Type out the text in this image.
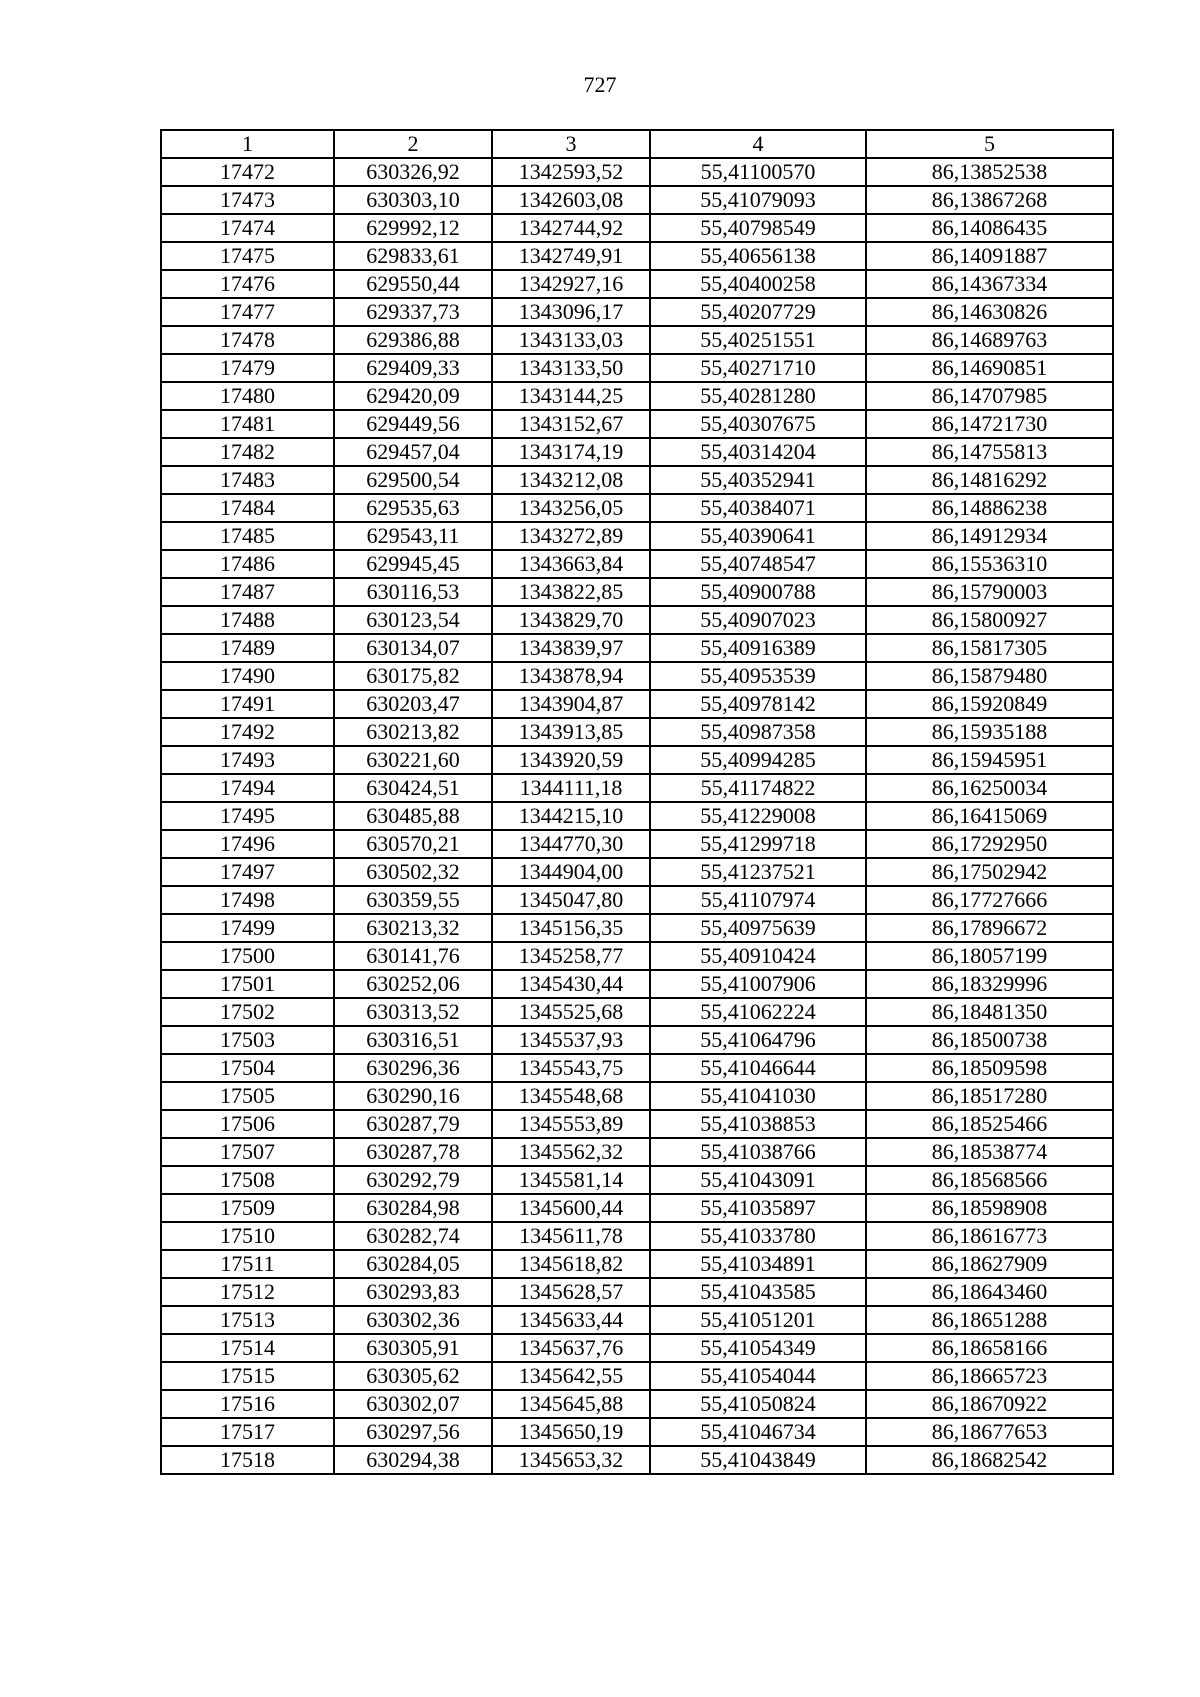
727
1	2	3	4	5
17472	630326,92	1342593,52	55,41100570	86,13852538
17473	630303,10	1342603,08	55,41079093	86,13867268
17474	629992,12	1342744,92	55,40798549	86,14086435
17475	629833,61	1342749,91	55,40656138	86,14091887
17476	629550,44	1342927,16	55,40400258	86,14367334
17477	629337,73	1343096,17	55,40207729	86,14630826
17478	629386,88	1343133,03	55,40251551	86,14689763
17479	629409,33	1343133,50	55,40271710	86,14690851
17480	629420,09	1343144,25	55,40281280	86,14707985
17481	629449,56	1343152,67	55,40307675	86,14721730
17482	629457,04	1343174,19	55,40314204	86,14755813
17483	629500,54	1343212,08	55,40352941	86,14816292
17484	629535,63	1343256,05	55,40384071	86,14886238
17485	629543,11	1343272,89	55,40390641	86,14912934
17486	629945,45	1343663,84	55,40748547	86,15536310
17487	630116,53	1343822,85	55,40900788	86,15790003
17488	630123,54	1343829,70	55,40907023	86,15800927
17489	630134,07	1343839,97	55,40916389	86,15817305
17490	630175,82	1343878,94	55,40953539	86,15879480
17491	630203,47	1343904,87	55,40978142	86,15920849
17492	630213,82	1343913,85	55,40987358	86,15935188
17493	630221,60	1343920,59	55,40994285	86,15945951
17494	630424,51	1344111,18	55,41174822	86,16250034
17495	630485,88	1344215,10	55,41229008	86,16415069
17496	630570,21	1344770,30	55,41299718	86,17292950
17497	630502,32	1344904,00	55,41237521	86,17502942
17498	630359,55	1345047,80	55,41107974	86,17727666
17499	630213,32	1345156,35	55,40975639	86,17896672
17500	630141,76	1345258,77	55,40910424	86,18057199
17501	630252,06	1345430,44	55,41007906	86,18329996
17502	630313,52	1345525,68	55,41062224	86,18481350
17503	630316,51	1345537,93	55,41064796	86,18500738
17504	630296,36	1345543,75	55,41046644	86,18509598
17505	630290,16	1345548,68	55,41041030	86,18517280
17506	630287,79	1345553,89	55,41038853	86,18525466
17507	630287,78	1345562,32	55,41038766	86,18538774
17508	630292,79	1345581,14	55,41043091	86,18568566
17509	630284,98	1345600,44	55,41035897	86,18598908
17510	630282,74	1345611,78	55,41033780	86,18616773
17511	630284,05	1345618,82	55,41034891	86,18627909
17512	630293,83	1345628,57	55,41043585	86,18643460
17513	630302,36	1345633,44	55,41051201	86,18651288
17514	630305,91	1345637,76	55,41054349	86,18658166
17515	630305,62	1345642,55	55,41054044	86,18665723
17516	630302,07	1345645,88	55,41050824	86,18670922
17517	630297,56	1345650,19	55,41046734	86,18677653
17518	630294,38	1345653,32	55,41043849	86,18682542
